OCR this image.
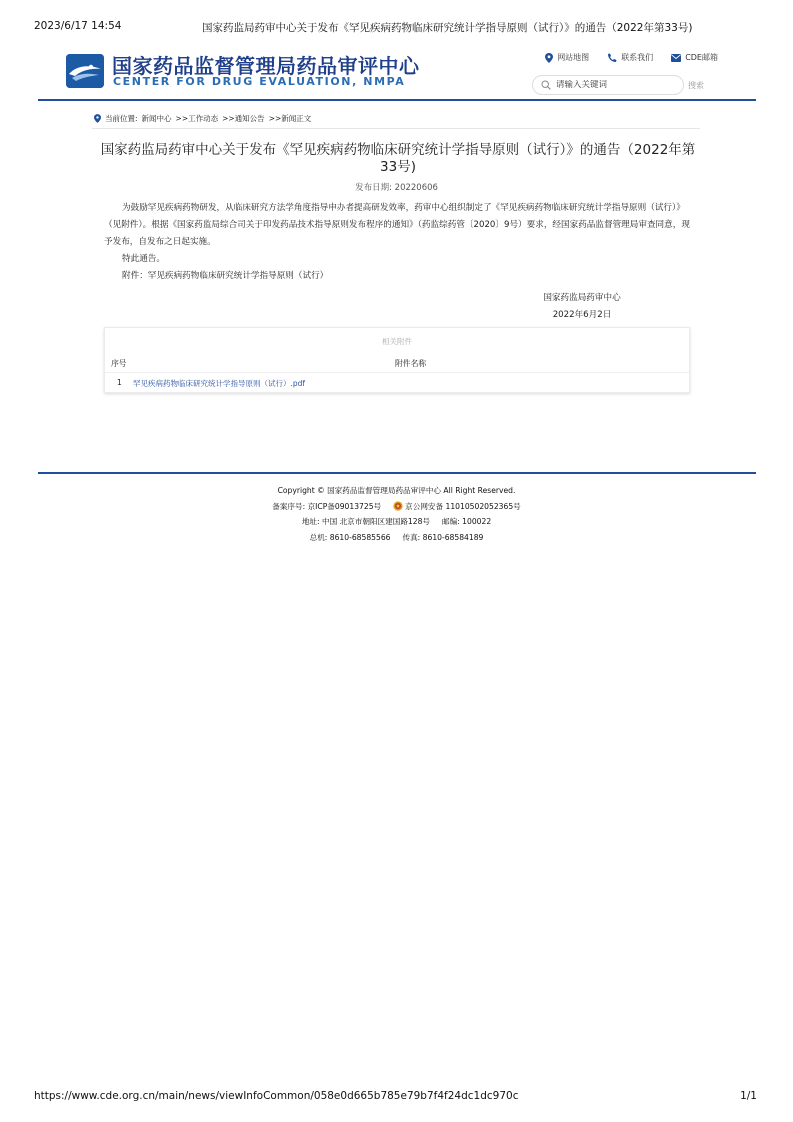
2023/6/17 14:54	国家药监局药审中心关于发布《罕见疾病药物临床研究统计学指导原则（试行）》的通告（2022年第33号)
国家药品监督管理局药品审评中心
CENTER FOR DRUG EVALUATION, NMPA
网站地图	联系我们	CDE邮箱
请输入关键词
搜索
当前位置: 新闻中心 >>工作动态 >>通知公告 >>新闻正文
国家药监局药审中心关于发布《罕见疾病药物临床研究统计学指导原则（试行）》的通告（2022年第33号)
发布日期: 20220606

为鼓励罕见疾病药物研发，从临床研究方法学角度指导申办者提高研发效率，药审中心组织制定了《罕见疾病药物临床研究统计学指导原则（试行）》（见附件）。根据《国家药监局综合司关于印发药品技术指导原则发布程序的通知》（药监综药管〔2020〕9号）要求，经国家药品监督管理局审查同意，现予发布，自发布之日起实施。

特此通告。

附件：罕见疾病药物临床研究统计学指导原则（试行）

国家药监局药审中心
2022年6月2日
相关附件
序号	附件名称
1 罕见疾病药物临床研究统计学指导原则（试行）.pdf
Copyright © 国家药品监督管理局药品审评中心 All Right Reserved.
备案序号: 京ICP备09013725号	京公网安备 11010502052365号
地址: 中国 北京市朝阳区建国路128号 邮编: 100022
总机: 8610-68585566 传真: 8610-68584189
https://www.cde.org.cn/main/news/viewInfoCommon/058e0d665b785e79b7f4f24dc1dc970c	1/1
